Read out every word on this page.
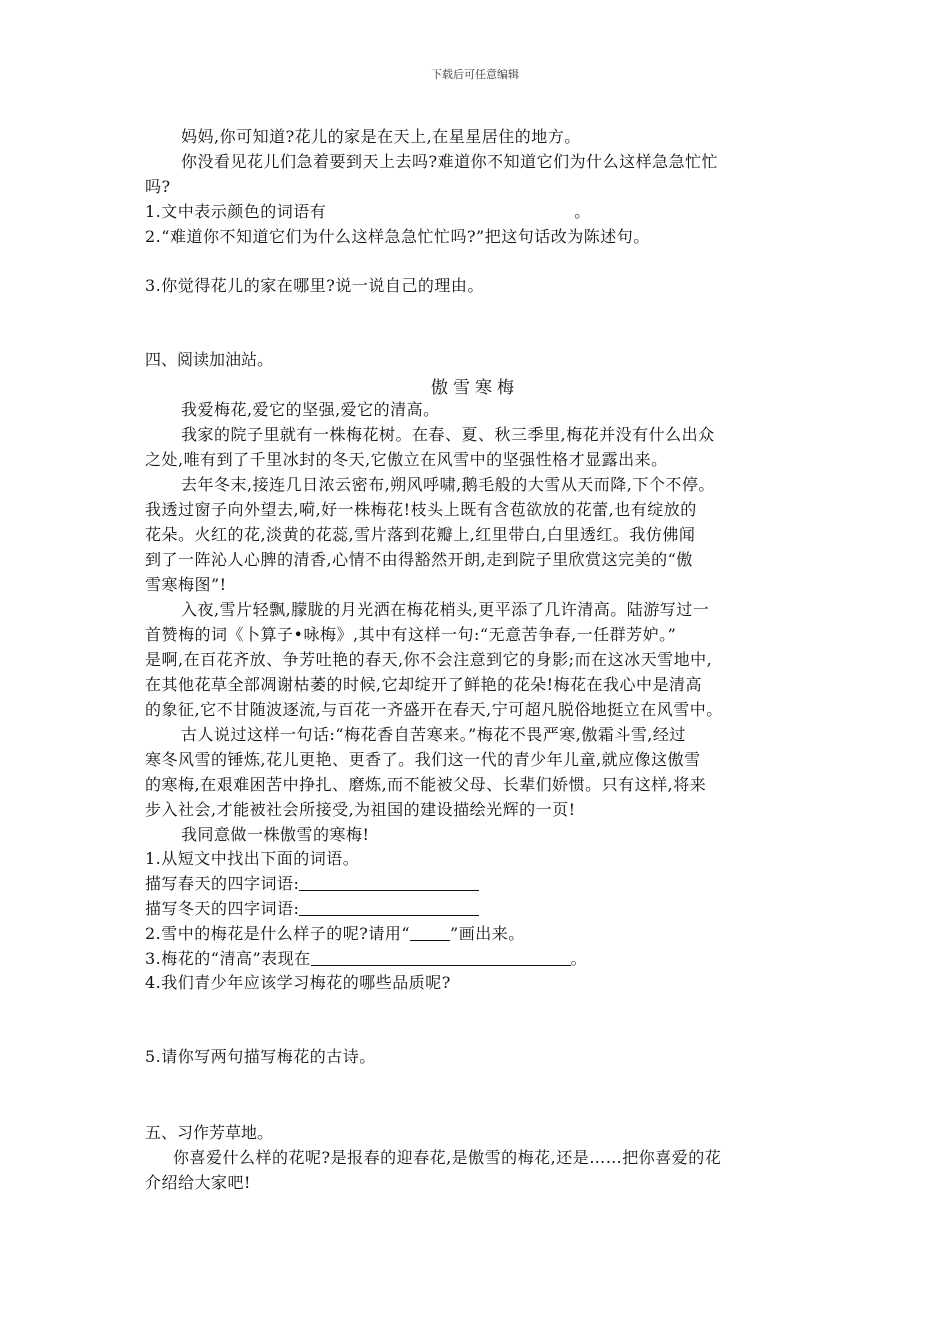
下载后可任意编辑
妈妈,你可知道?花儿的家是在天上,在星星居住的地方。
你没看见花儿们急着要到天上去吗?难道你不知道它们为什么这样急急忙忙
吗?
1.文中表示颜色的词语有	。
2.“难道你不知道它们为什么这样急急忙忙吗?”把这句话改为陈述句。
3.你觉得花儿的家在哪里?说一说自己的理由。
四、阅读加油站。
傲雪寒梅
我爱梅花,爱它的坚强,爱它的清高。
我家的院子里就有一株梅花树。在春、夏、秋三季里,梅花并没有什么出众
之处,唯有到了千里冰封的冬天,它傲立在风雪中的坚强性格才显露出来。
去年冬末,接连几日浓云密布,朔风呼啸,鹅毛般的大雪从天而降,下个不停。
我透过窗子向外望去,嗬,好一株梅花!枝头上既有含苞欲放的花蕾,也有绽放的
花朵。火红的花,淡黄的花蕊,雪片落到花瓣上,红里带白,白里透红。我仿佛闻
到了一阵沁人心脾的清香,心情不由得豁然开朗,走到院子里欣赏这完美的“傲
雪寒梅图”!
入夜,雪片轻飘,朦胧的月光洒在梅花梢头,更平添了几许清高。陆游写过一
首赞梅的词《卜算子•咏梅》,其中有这样一句:“无意苦争春,一任群芳妒。”
是啊,在百花齐放、争芳吐艳的春天,你不会注意到它的身影;而在这冰天雪地中,
在其他花草全部凋谢枯萎的时候,它却绽开了鲜艳的花朵!梅花在我心中是清高
的象征,它不甘随波逐流,与百花一齐盛开在春天,宁可超凡脱俗地挺立在风雪中。
古人说过这样一句话:“梅花香自苦寒来。”梅花不畏严寒,傲霜斗雪,经过
寒冬风雪的锤炼,花儿更艳、更香了。我们这一代的青少年儿童,就应像这傲雪
的寒梅,在艰难困苦中挣扎、磨炼,而不能被父母、长辈们娇惯。只有这样,将来
步入社会,才能被社会所接受,为祖国的建设描绘光辉的一页!
我同意做一株傲雪的寒梅!
1.从短文中找出下面的词语。
描写春天的四字词语:
描写冬天的四字词语:
2.雪中的梅花是什么样子的呢?请用“	”画出来。
3.梅花的“清高”表现在	。
4.我们青少年应该学习梅花的哪些品质呢?
5.请你写两句描写梅花的古诗。
五、习作芳草地。
你喜爱什么样的花呢?是报春的迎春花,是傲雪的梅花,还是……把你喜爱的花
介绍给大家吧!
